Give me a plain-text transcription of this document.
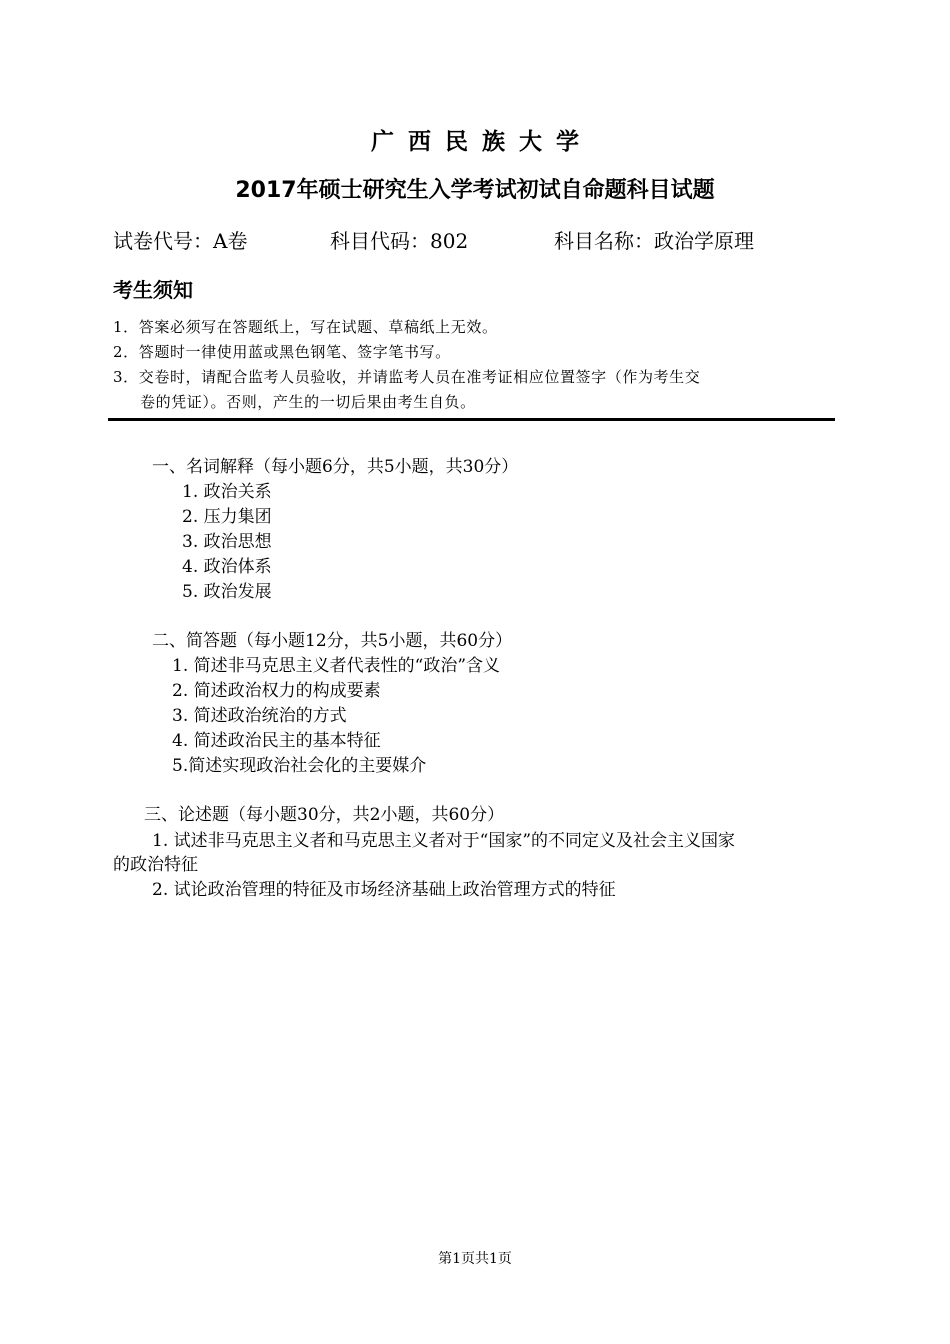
广西民族大学
2017年硕士研究生入学考试初试自命题科目试题
试卷代号：A卷	科目代码：802	科目名称：政治学原理
考生须知
1．答案必须写在答题纸上，写在试题、草稿纸上无效。
2．答题时一律使用蓝或黑色钢笔、签字笔书写。
3．交卷时，请配合监考人员验收，并请监考人员在准考证相应位置签字（作为考生交
卷的凭证）。否则，产生的一切后果由考生自负。
一、名词解释（每小题6分，共5小题，共30分）
1. 政治关系
2. 压力集团
3. 政治思想
4. 政治体系
5. 政治发展
二、简答题（每小题12分，共5小题，共60分）
1. 简述非马克思主义者代表性的“政治”含义
2. 简述政治权力的构成要素
3. 简述政治统治的方式
4. 简述政治民主的基本特征
5.简述实现政治社会化的主要媒介
三、论述题（每小题30分，共2小题，共60分）
1. 试述非马克思主义者和马克思主义者对于“国家”的不同定义及社会主义国家
的政治特征
2. 试论政治管理的特征及市场经济基础上政治管理方式的特征
第1页共1页
